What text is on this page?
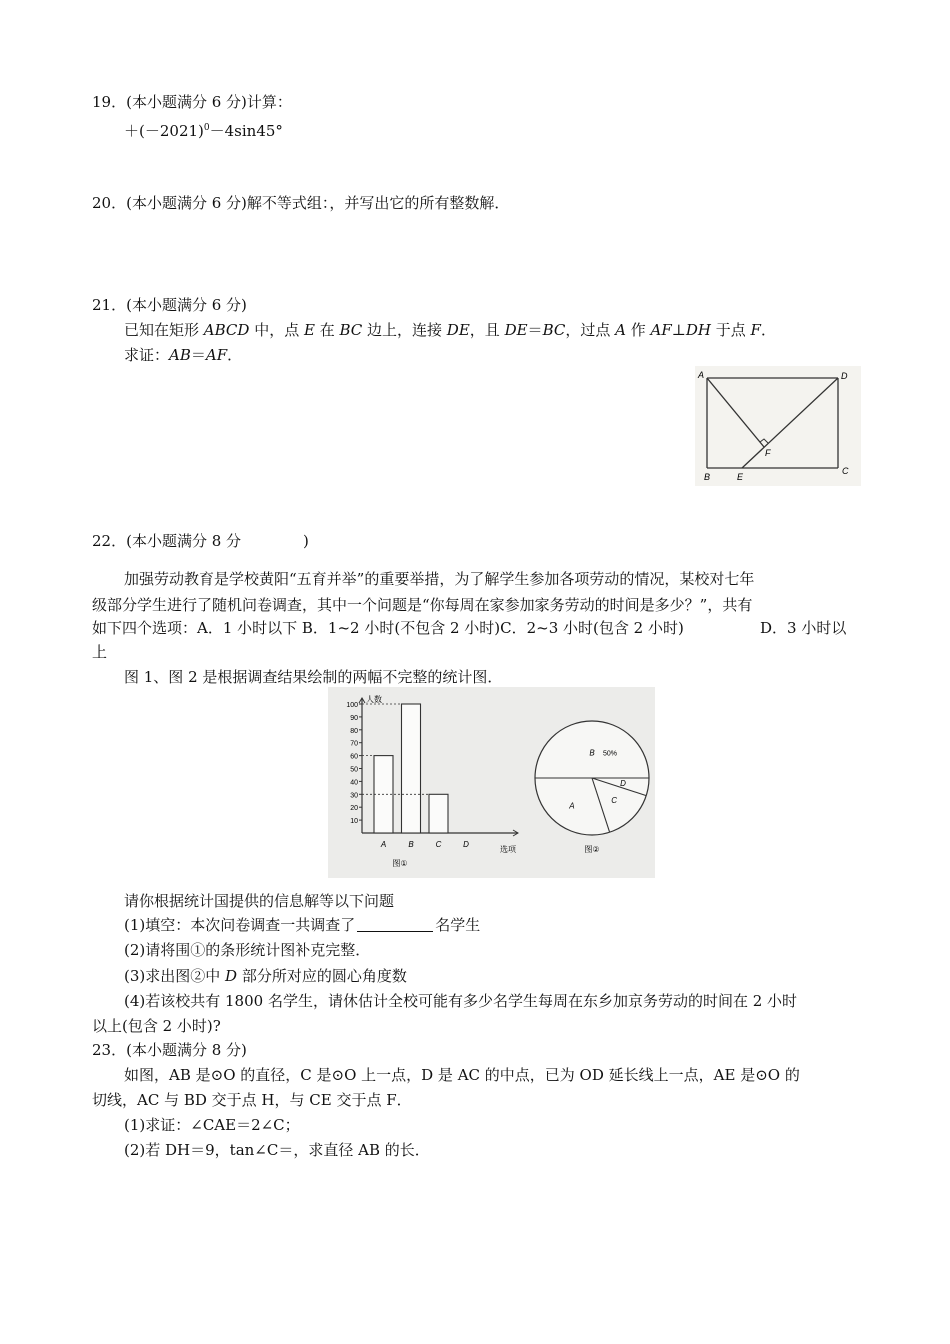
19．(本小题满分 6 分)计算：
$+(-2021)^0-4\sin 45^\circ$
20．(本小题满分 6 分)解不等式组：，并写出它的所有整数解．
21．(本小题满分 6 分)
已知在矩形 ABCD 中，点 E 在 BC 边上，连接 DE，且 DE＝BC，过点 A 作 AF⊥DH 于点 F．
求证：AB＝AF．
A	D
F
B	E
C
22．(本小题满分 8 分	)
加强劳动教育是学校黄阳“五育并举”的重要举措，为了解学生参加各项劳动的情况，某校对七年
级部分学生进行了随机问卷调查，其中一个问题是“你每周在家参加家务劳动的时间是多少？”，共有
如下四个选项：A．1 小时以下 B．1~2 小时(不包含 2 小时)C．2~3 小时(包含 2 小时)	D．3 小时以
上
图 1、图 2 是根据调查结果绘制的两幅不完整的统计图．
人数
选项
10
20
30
40
50
60
70
80
90
100
A	B	C	D
图①
B 50%
D
C
A
图②
请你根据统计国提供的信息解等以下问题
(1)填空：本次问卷调查一共调查了	名学生
(2)请将围①的条形统计图补克完整．
(3)求出图②中 D 部分所对应的圆心角度数
(4)若该校共有 1800 名学生，请休估计全校可能有多少名学生每周在东乡加京务劳动的时间在 2 小时
以上(包含 2 小时)?
23．(本小题满分 8 分)
如图，AB 是⊙O 的直径，C 是⊙O 上一点，D 是 AC 的中点，已为 OD 延长线上一点，AE 是⊙O 的
切线，AC 与 BD 交于点 H，与 CE 交于点 F．
(1)求证：∠CAE＝2∠C；
(2)若 DH＝9，tan∠C＝，求直径 AB 的长．
